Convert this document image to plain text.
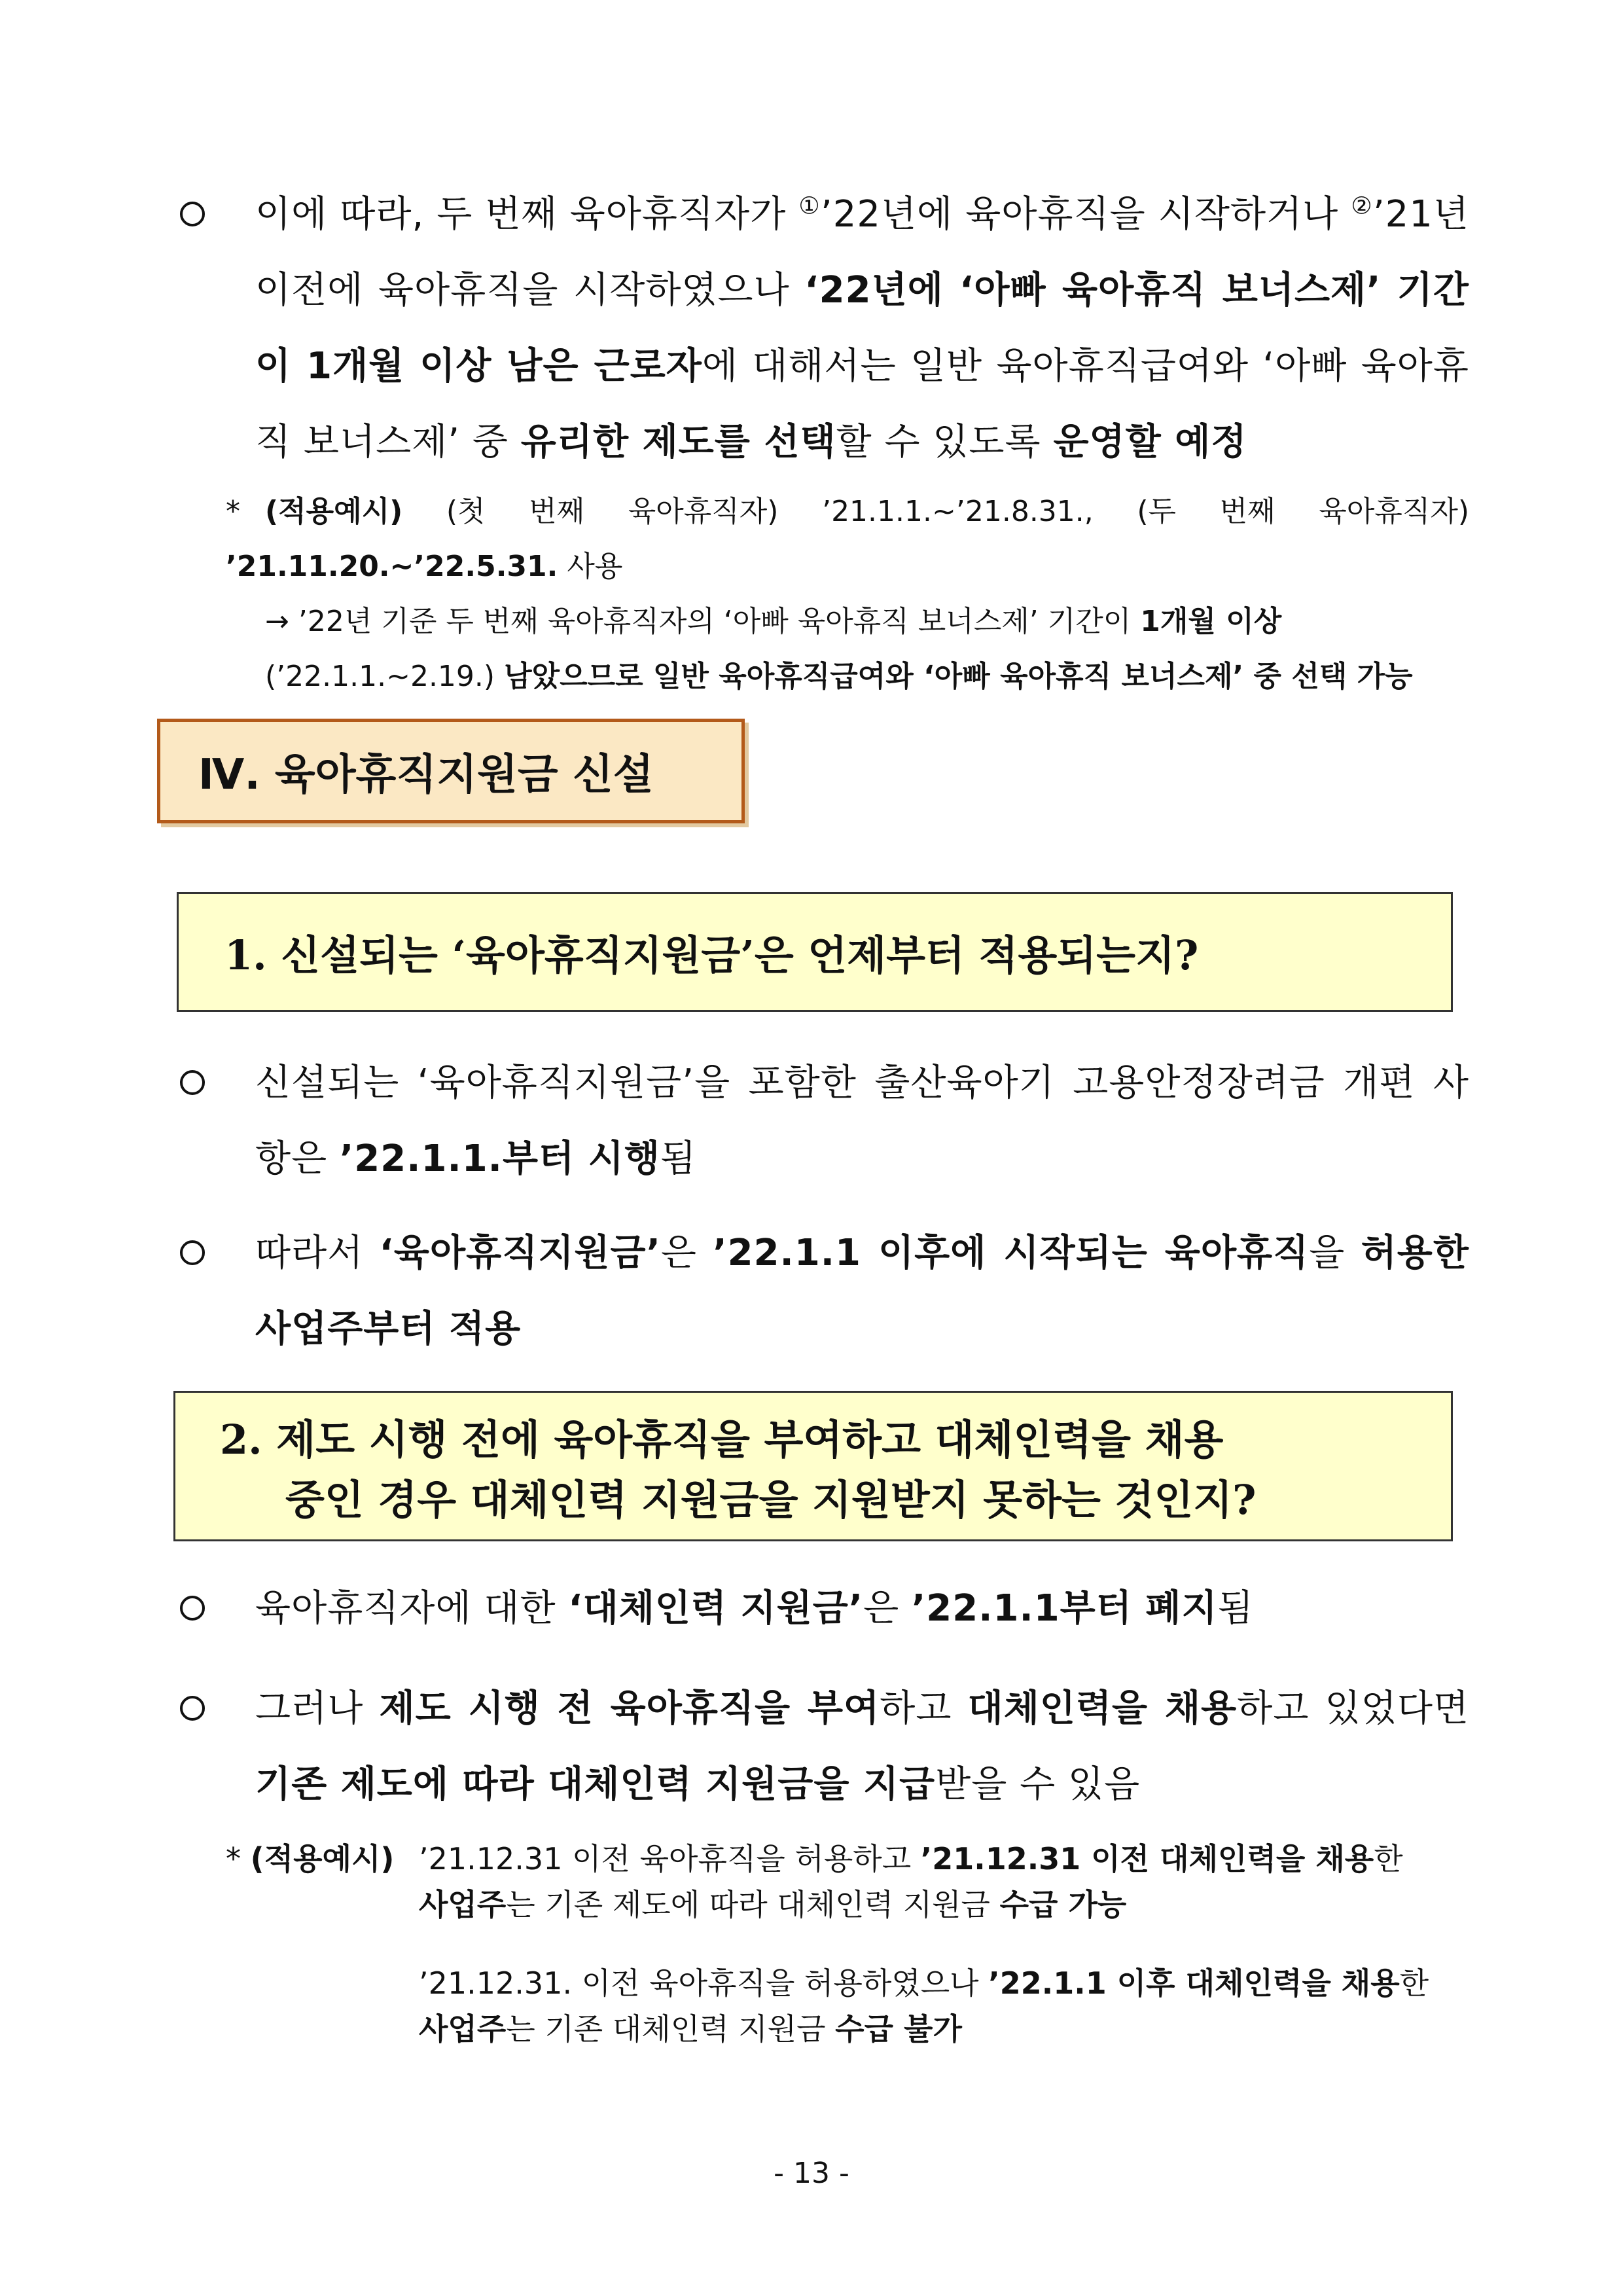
이에 따라, 두 번째 육아휴직자가 ①’22년에 육아휴직을 시작하거나 ②’21년 이전에 육아휴직을 시작하였으나 ‘22년에 ‘아빠 육아휴직 보너스제’ 기간이 1개월 이상 남은 근로자에 대해서는 일반 육아휴직급여와 ‘아빠 육아휴직 보너스제’ 중 유리한 제도를 선택할 수 있도록 운영할 예정
* (적용예시) (첫 번째 육아휴직자) ’21.1.1.~’21.8.31., (두 번째 육아휴직자) ’21.11.20.~’22.5.31. 사용
→ ’22년 기준 두 번째 육아휴직자의 ‘아빠 육아휴직 보너스제’ 기간이 1개월 이상
(’22.1.1.~2.19.) 남았으므로 일반 육아휴직급여와 ‘아빠 육아휴직 보너스제’ 중 선택 가능
Ⅳ. 육아휴직지원금 신설
1. 신설되는 ‘육아휴직지원금’은 언제부터 적용되는지?
신설되는 ‘육아휴직지원금’을 포함한 출산육아기 고용안정장려금 개편 사항은 ’22.1.1.부터 시행됨
따라서 ‘육아휴직지원금’은 ’22.1.1 이후에 시작되는 육아휴직을 허용한 사업주부터 적용
2. 제도 시행 전에 육아휴직을 부여하고 대체인력을 채용
중인 경우 대체인력 지원금을 지원받지 못하는 것인지?
육아휴직자에 대한 ‘대체인력 지원금’은 ’22.1.1부터 폐지됨
그러나 제도 시행 전 육아휴직을 부여하고 대체인력을 채용하고 있었다면 기존 제도에 따라 대체인력 지원금을 지급받을 수 있음
* (적용예시) ’21.12.31 이전 육아휴직을 허용하고 ’21.12.31 이전 대체인력을 채용한
사업주는 기존 제도에 따라 대체인력 지원금 수급 가능
’21.12.31. 이전 육아휴직을 허용하였으나 ’22.1.1 이후 대체인력을 채용한
사업주는 기존 대체인력 지원금 수급 불가
- 13 -
